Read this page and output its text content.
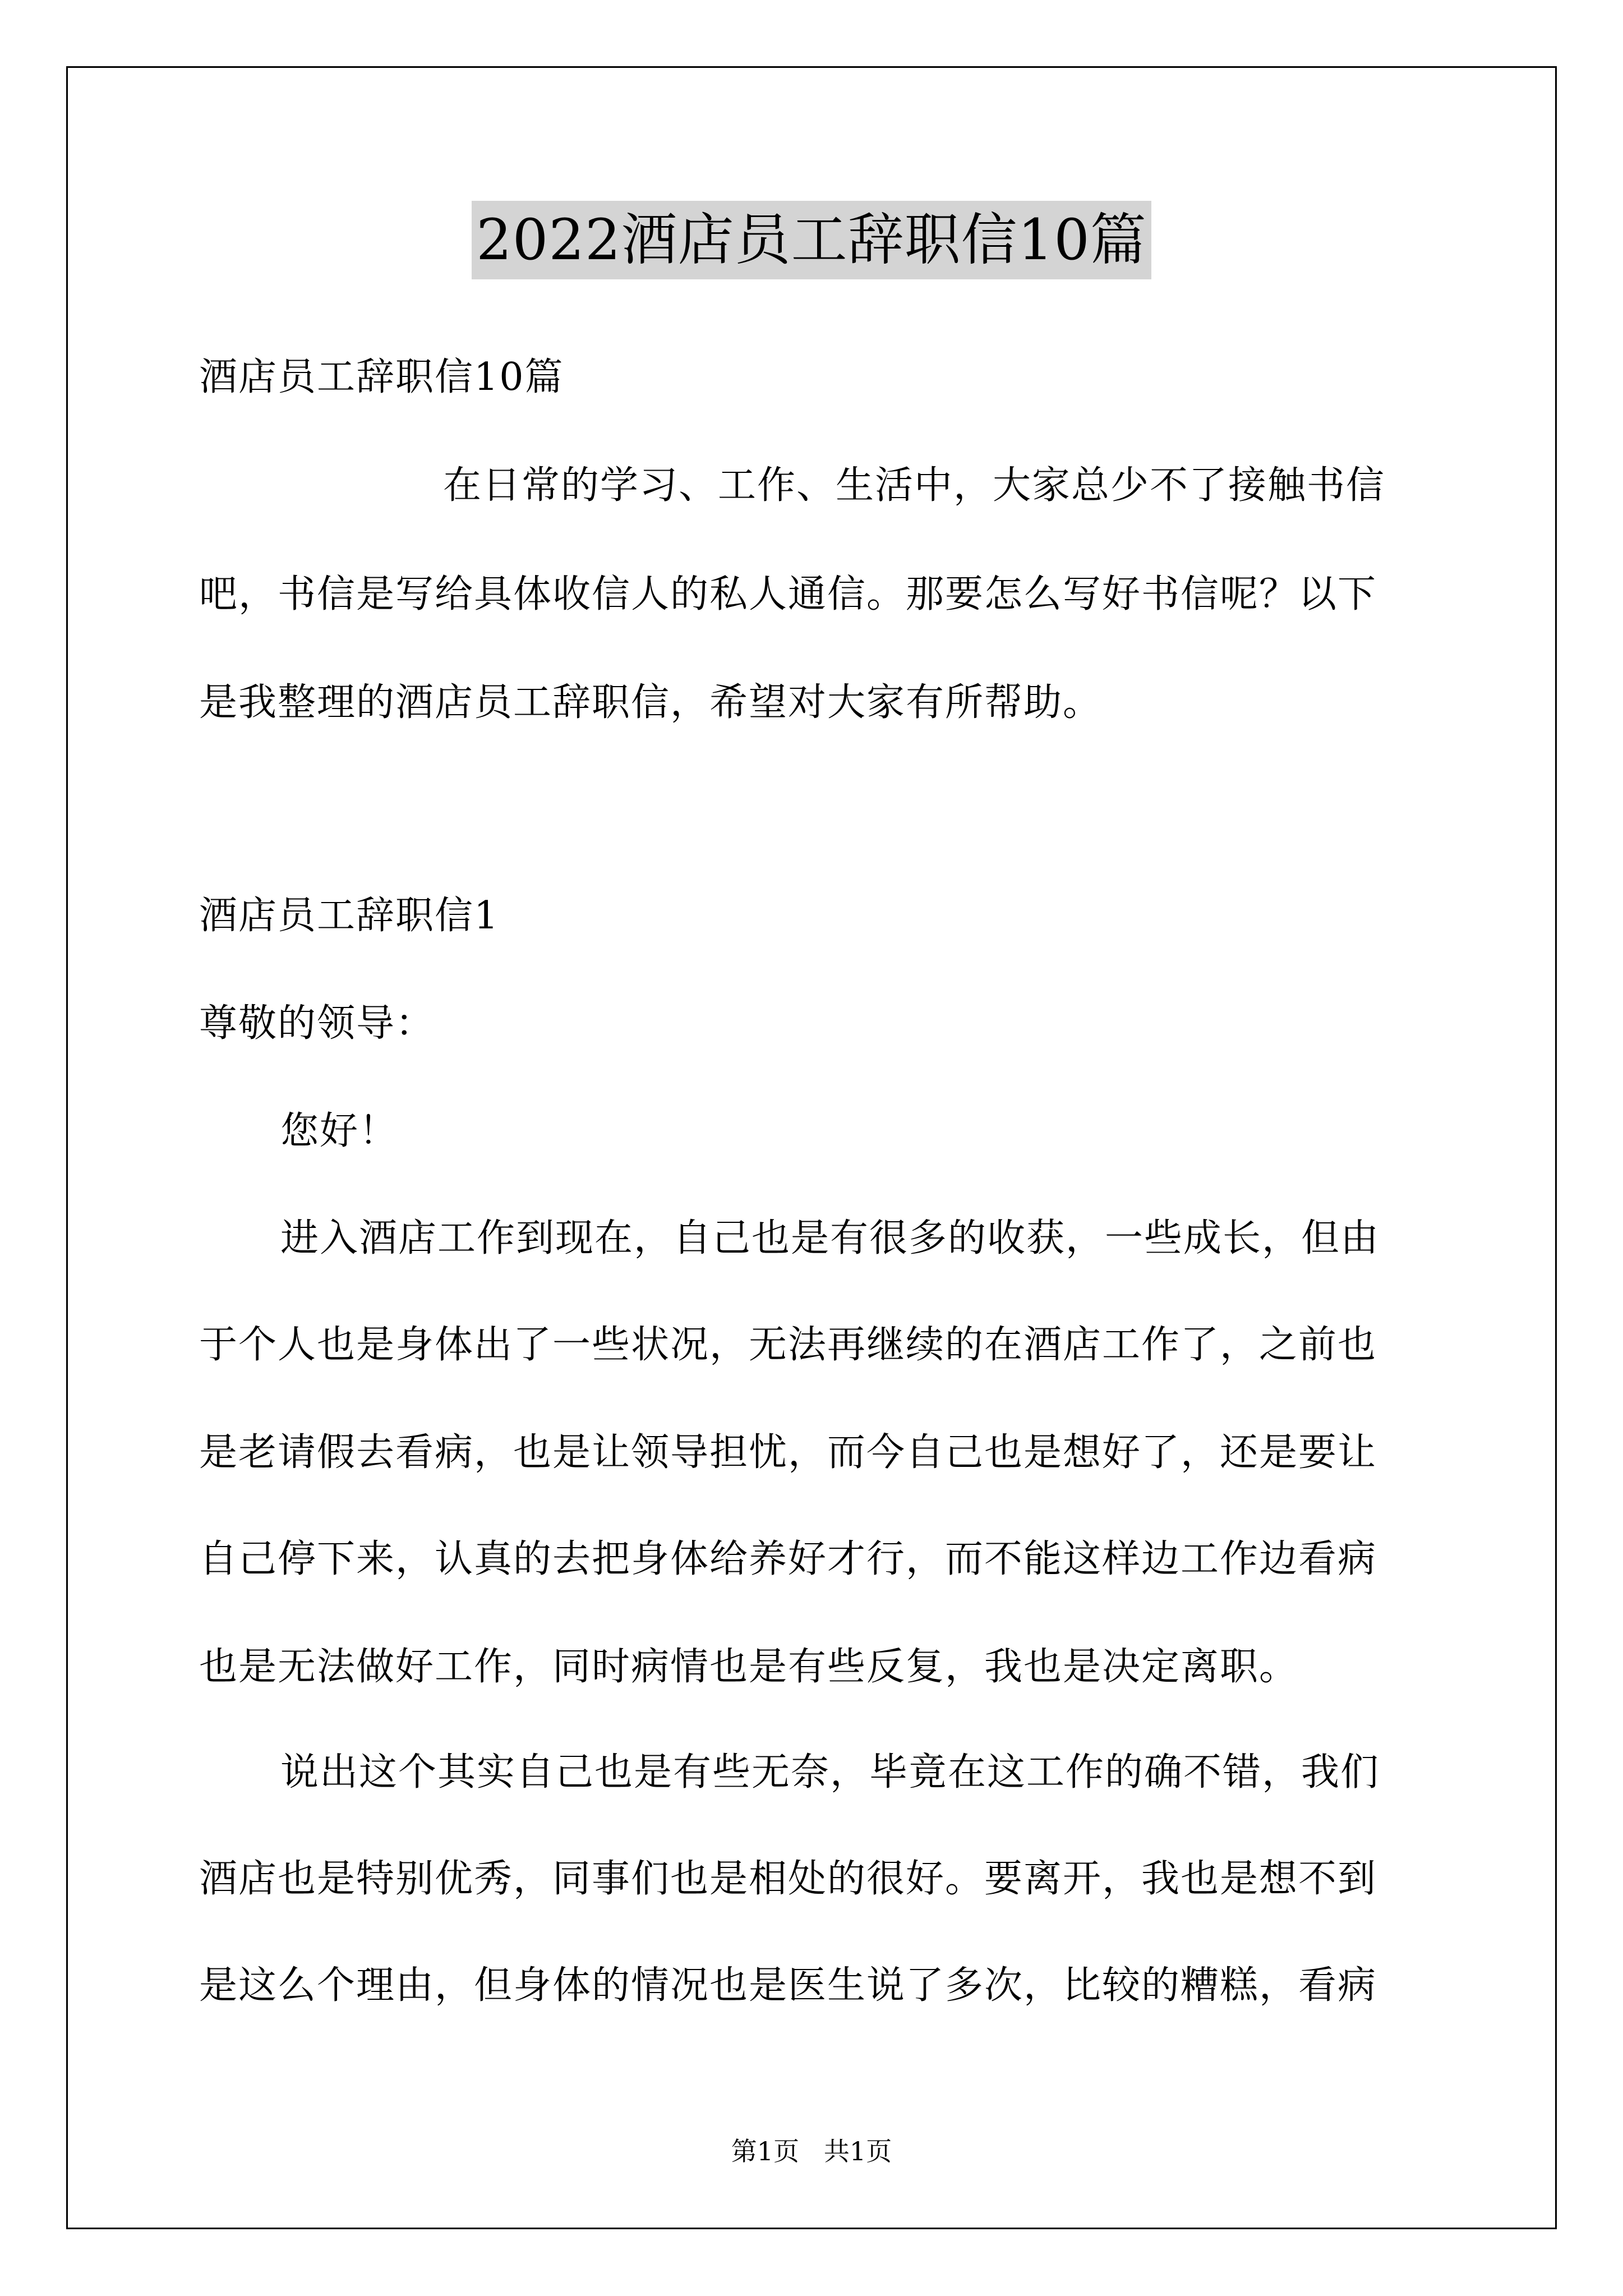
2022酒店员工辞职信10篇
酒店员工辞职信10篇
在日常的学习、工作、生活中，大家总少不了接触书信
吧，书信是写给具体收信人的私人通信。那要怎么写好书信呢？以下
是我整理的酒店员工辞职信，希望对大家有所帮助。
酒店员工辞职信1
尊敬的领导：
您好！
进入酒店工作到现在，自己也是有很多的收获，一些成长，但由
于个人也是身体出了一些状况，无法再继续的在酒店工作了，之前也
是老请假去看病，也是让领导担忧，而今自己也是想好了，还是要让
自己停下来，认真的去把身体给养好才行，而不能这样边工作边看病
也是无法做好工作，同时病情也是有些反复，我也是决定离职。
说出这个其实自己也是有些无奈，毕竟在这工作的确不错，我们
酒店也是特别优秀，同事们也是相处的很好。要离开，我也是想不到
是这么个理由，但身体的情况也是医生说了多次，比较的糟糕，看病
第1页   共1页
